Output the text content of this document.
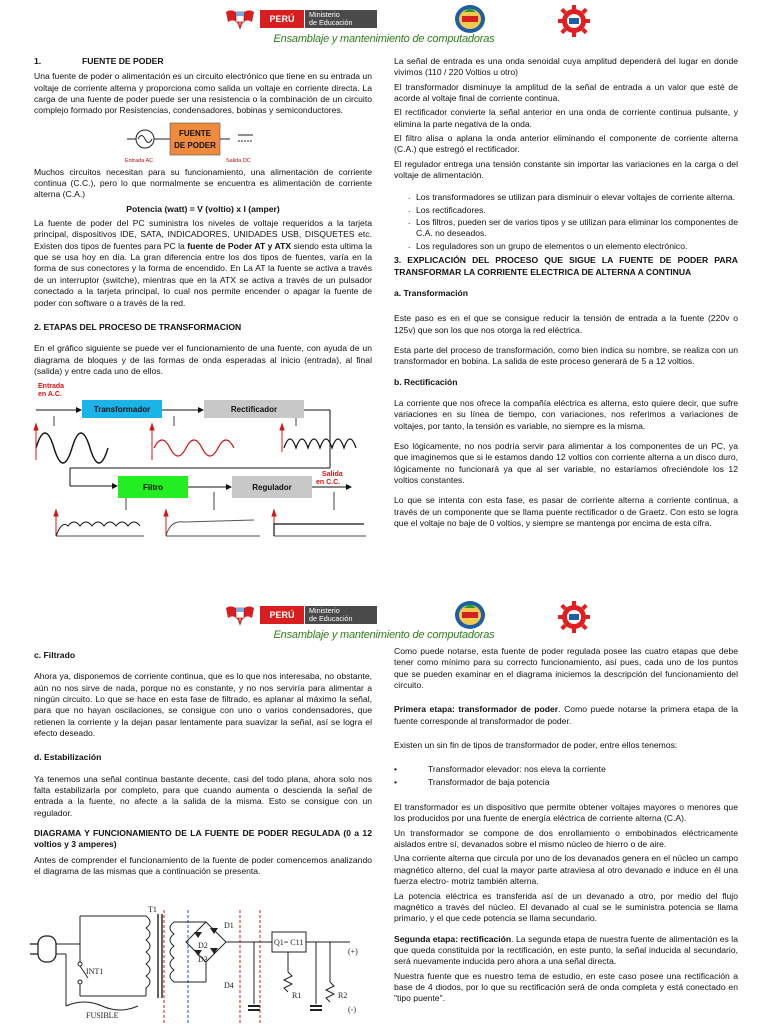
PERÚ	Ministerio
de Educación
Ensamblaje y mantenimiento de computadoras
1.	FUENTE DE PODER

Una fuente de poder o alimentación es un circuito electrónico que tiene en su entrada un voltaje de corriente alterna y proporciona como salida un voltaje en corriente directa. La carga de una fuente de poder puede ser una resistencia o la combinación de un circuito complejo formado por Resistencias, condensadores, bobinas y semiconductores.

FUENTE
DE PODER
Entrada AC	Salida DC

Muchos circuitos necesitan para su funcionamiento, una alimentación de corriente continua (C.C.), pero lo que normalmente se encuentra es alimentación de corriente alterna (C.A.)

Potencia (watt) = V (voltio) x I (amper)

La fuente de poder del PC suministra los niveles de voltaje requeridos a la tarjeta principal, dispositivos IDE, SATA, INDICADORES, UNIDADES USB, DISQUETES etc. Existen dos tipos de fuentes para PC la fuente de Poder AT y ATX siendo esta ultima la que se usa hoy en día. La gran diferencia entre los dos tipos de fuentes, varía en la forma de sus conectores y la forma de encendido. En La AT la fuente se activa a través de un interruptor (switche), mientras que en la ATX se activa a través de un pulsador conectado a la tarjeta principal, lo cual nos permite encender o apagar la fuente de poder con software o a través de la red.

2. ETAPAS DEL PROCESO DE TRANSFORMACION

En el gráfico siguiente se puede ver el funcionamiento de una fuente, con ayuda de un diagrama de bloques y de las formas de onda esperadas al inicio (entrada), al final (salida) y entre cada uno de ellos.

Entrada
en A.C.
Transformador	Rectificador
Filtro	Regulador
Salida
en C.C.

La señal de entrada es una onda senoidal cuya amplitud dependerá del lugar en donde vivimos (110 / 220 Voltios u otro)

El transformador disminuye la amplitud de la señal de entrada a un valor que esté de acorde al voltaje final de corriente continua.

El rectificador convierte la señal anterior en una onda de corriente continua pulsante, y elimina la parte negativa de la onda.

El filtro alisa o aplana la onda anterior eliminando el componente de corriente alterna (C.A.) que estregó el rectificador.

El regulador entrega una tensión constante sin importar las variaciones en la carga o del voltaje de alimentación.

. Los transformadores se utilizan para disminuir o elevar voltajes de corriente alterna.
. Los rectificadores.
. Los filtros, pueden ser de varios tipos y se utilizan para eliminar los componentes de C.A. no deseados.
. Los reguladores son un grupo de elementos o un elemento electrónico.
3. EXPLICACIÓN DEL PROCESO QUE SIGUE LA FUENTE DE PODER PARA TRANSFORMAR LA CORRIENTE ELECTRICA DE ALTERNA A CONTINUA
a. Transformación

Este paso es en el que se consigue reducir la tensión de entrada a la fuente (220v o 125v) que son los que nos otorga la red eléctrica.

Esta parte del proceso de transformación, como bien indica su nombre, se realiza con un transformador en bobina. La salida de este proceso generará de 5 a 12 voltios.

b. Rectificación

La corriente que nos ofrece la compañía eléctrica es alterna, esto quiere decir, que sufre variaciones en su línea de tiempo, con variaciones, nos referimos a variaciones de voltajes, por tanto, la tensión es variable, no siempre es la misma.

Eso lógicamente, no nos podría servir para alimentar a los componentes de un PC, ya que imaginemos que si le estamos dando 12 voltios con corriente alterna a un disco duro, lógicamente no funcionará ya que al ser variable, no estaríamos ofreciéndole los 12 voltios constantes.

Lo que se intenta con esta fase, es pasar de corriente alterna a corriente continua, a través de un componente que se llama puente rectificador o de Graetz. Con esto se logra que el voltaje no baje de 0 voltios, y siempre se mantenga por encima de esta cifra.

PERÚ	Ministerio
de Educación
Ensamblaje y mantenimiento de computadoras
c. Filtrado

Ahora ya, disponemos de corriente continua, que es lo que nos interesaba, no obstante, aún no nos sirve de nada, porque no es constante, y no nos serviría para alimentar a ningún circuito. Lo que se hace en esta fase de filtrado, es aplanar al máximo la señal, para que no hayan oscilaciones, se consigue con uno o varios condensadores, que retienen la corriente y la dejan pasar lentamente para suavizar la señal, así se logra el efecto deseado.

d. Estabilización

Ya tenemos una señal continua bastante decente, casi del todo plana, ahora solo nos falta estabilizarla por completo, para que cuando aumenta o descienda la señal de entrada a la fuente, no afecte a la salida de la misma. Esto se consigue con un regulador.

DIAGRAMA Y FUNCIONAMIENTO DE LA FUENTE DE PODER REGULADA (0 a 12 voltios y 3 amperes)

Antes de comprender el funcionamiento de la fuente de poder comencemos analizando el diagrama de las mismas que a continuación se presenta.

Como puede notarse, esta fuente de poder regulada posee las cuatro etapas que debe tener como mínimo para su correcto funcionamiento, así pues, cada uno de los puntos que se pueden examinar en el diagrama iniciemos la descripción del funcionamiento del circuito.

Primera etapa: transformador de poder. Como puede notarse la primera etapa de la fuente corresponde al transformador de poder.

Existen un sin fin de tipos de transformador de poder, entre ellos tenemos:

• Transformador elevador: nos eleva la corriente
• Transformador de baja potencia

El transformador es un dispositivo que permite obtener voltajes mayores o menores que los producidos por una fuente de energía eléctrica de corriente alterna (C.A).

Un transformador se compone de dos enrollamiento o embobinados eléctricamente aislados entre sí, devanados sobre el mismo núcleo de hierro o de aire.

Una corriente alterna que circula por uno de los devanados genera en el núcleo un campo magnético alterno, del cual la mayor parte atraviesa al otro devanado e induce en él una fuerza electro- motriz también alterna.

La potencia eléctrica es transferida así de un devanado a otro, por medio del flujo magnético a través del núcleo. El devanado al cual se le suministra potencia se llama primario, y el que cede potencia se llama secundario.

Segunda etapa: rectificación. La segunda etapa de nuestra fuente de alimentación es la que queda constituida por la rectificación, en este punto, la señal inducida al secundario, será nuevamente inducida pero ahora a una señal directa.

Nuestra fuente que es nuestro tema de estudio, en este caso posee una rectificación a base de 4 diodos, por lo que su rectificación será de onda completa y está conectado en "tipo puente".

INT1
FUSIBLE
T1
D1
D2
D3
D4
Q1= C11
(+)
R1	R2
(-)
